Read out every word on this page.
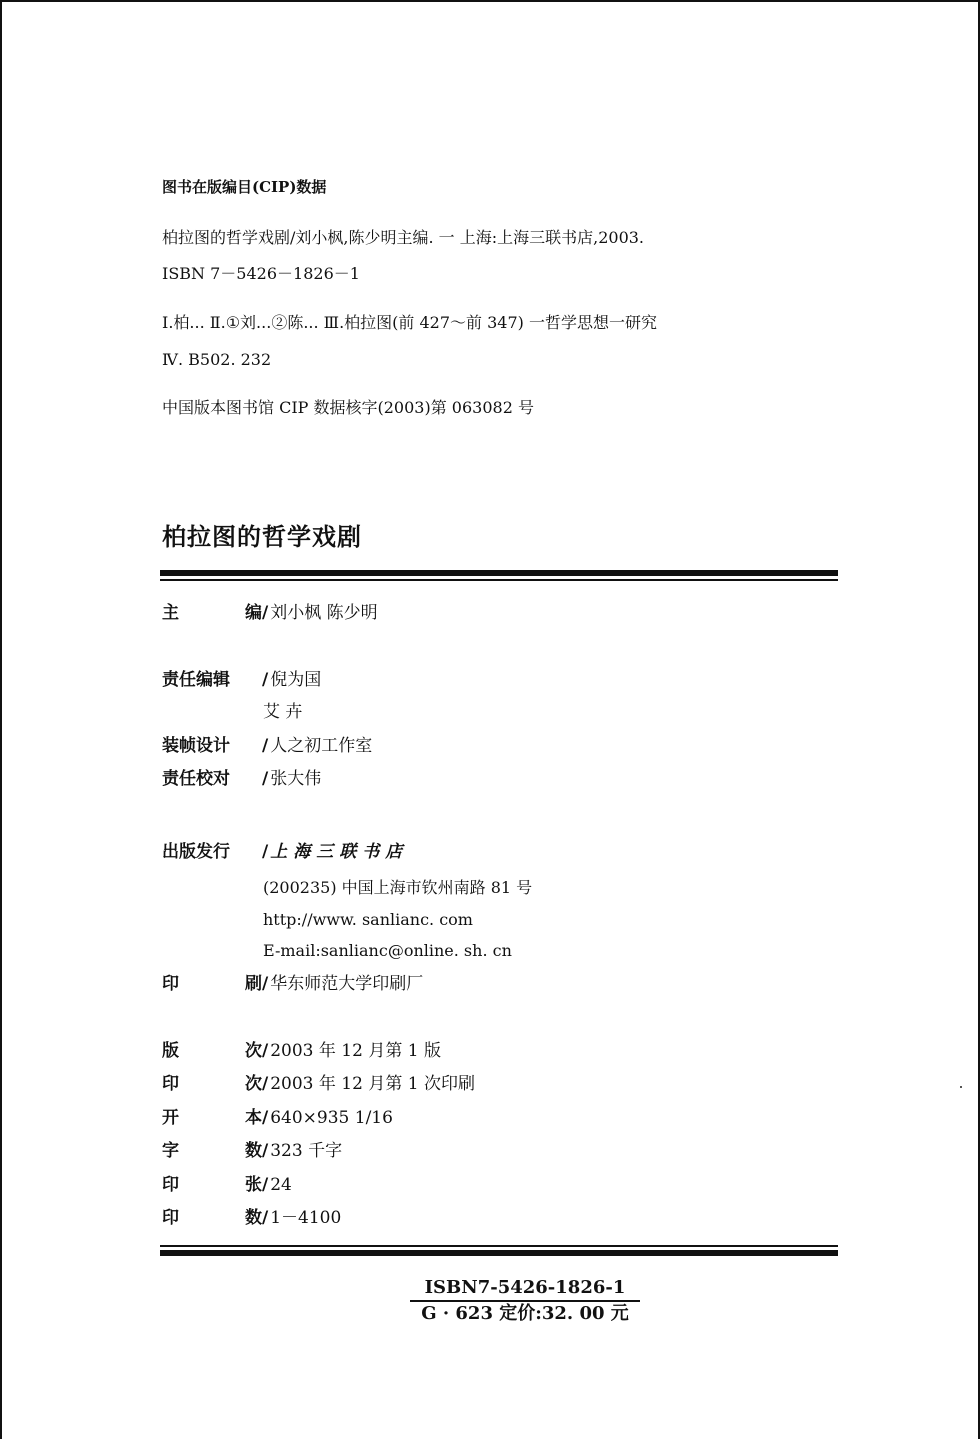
图书在版编目(CIP)数据
柏拉图的哲学戏剧/刘小枫,陈少明主编. 一 上海:上海三联书店,2003.
ISBN 7－5426－1826－1
Ⅰ.柏... Ⅱ.①刘...②陈... Ⅲ.柏拉图(前 427～前 347) 一哲学思想一研究
Ⅳ. B502. 232
中国版本图书馆 CIP 数据核字(2003)第 063082 号
柏拉图的哲学戏剧
主	编 / 刘小枫 陈少明
责任编辑 / 倪为国
艾 卉
装帧设计 / 人之初工作室
责任校对 / 张大伟
出版发行 / 上海三联书店
(200235) 中国上海市钦州南路 81 号
http://www. sanlianc. com
E-mail:sanlianc@online. sh. cn
印	刷 / 华东师范大学印刷厂
版	次 / 2003 年 12 月第 1 版
印	次 / 2003 年 12 月第 1 次印刷
开	本 / 640×935 1/16
字	数 / 323 千字
印	张 / 24
印	数 / 1－4100
ISBN7-5426-1826-1
G · 623 定价:32. 00 元
